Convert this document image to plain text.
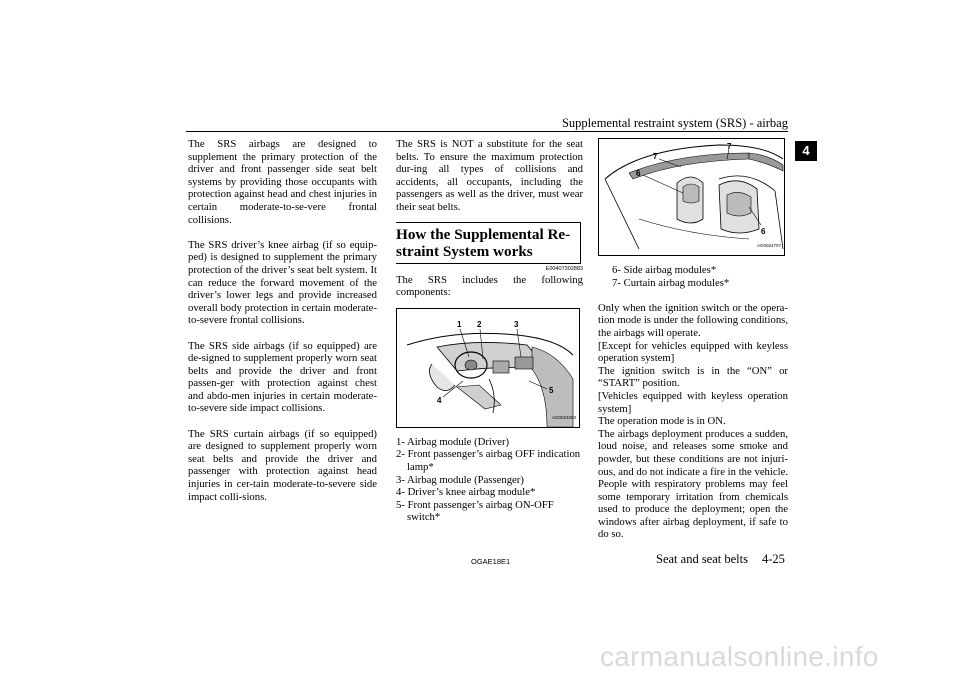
Supplemental restraint system (SRS) - airbag
4

The SRS airbags are designed to supplement the primary protection of the driver and front passenger side seat belt systems by providing those occupants with protection against head and chest injuries in certain moderate-to-se-vere frontal collisions.

The SRS driver’s knee airbag (if so equip-ped) is designed to supplement the primary protection of the driver’s seat belt system. It can reduce the forward movement of the driver’s lower legs and provide increased overall body protection in certain moderate-to-severe frontal collisions.

The SRS side airbags (if so equipped) are de-signed to supplement properly worn seat belts and provide the driver and front passen-ger with protection against chest and abdo-men injuries in certain moderate-to-severe side impact collisions.

The SRS curtain airbags (if so equipped) are designed to supplement properly worn seat belts and provide the driver and passenger with protection against head injuries in cer-tain moderate-to-severe side impact colli-sions.

The SRS is NOT a substitute for the seat belts. To ensure the maximum protection dur-ing all types of collisions and accidents, all occupants, including the passengers as well as the driver, must wear their seat belts.

How the Supplemental Re-straint System works
E00407302883

The SRS includes the following components:

1 2	3
4
5
AG0024693
1- Airbag module (Driver)
2- Front passenger’s airbag OFF indication lamp*
3- Airbag module (Passenger)
4- Driver’s knee airbag module*
5- Front passenger’s airbag ON-OFF switch*
7
7
6
6
AG0024707
6- Side airbag modules*
7- Curtain airbag modules*

Only when the ignition switch or the opera-tion mode is under the following conditions, the airbags will operate.

[Except for vehicles equipped with keyless operation system]

The ignition switch is in the “ON” or “START” position.

[Vehicles equipped with keyless operation system]

The operation mode is in ON.

The airbags deployment produces a sudden, loud noise, and releases some smoke and powder, but these conditions are not injuri-ous, and do not indicate a fire in the vehicle. People with respiratory problems may feel some temporary irritation from chemicals used to produce the deployment; open the windows after airbag deployment, if safe to do so.

OGAE18E1	Seat and seat belts 4-25
carmanualsonline.info
